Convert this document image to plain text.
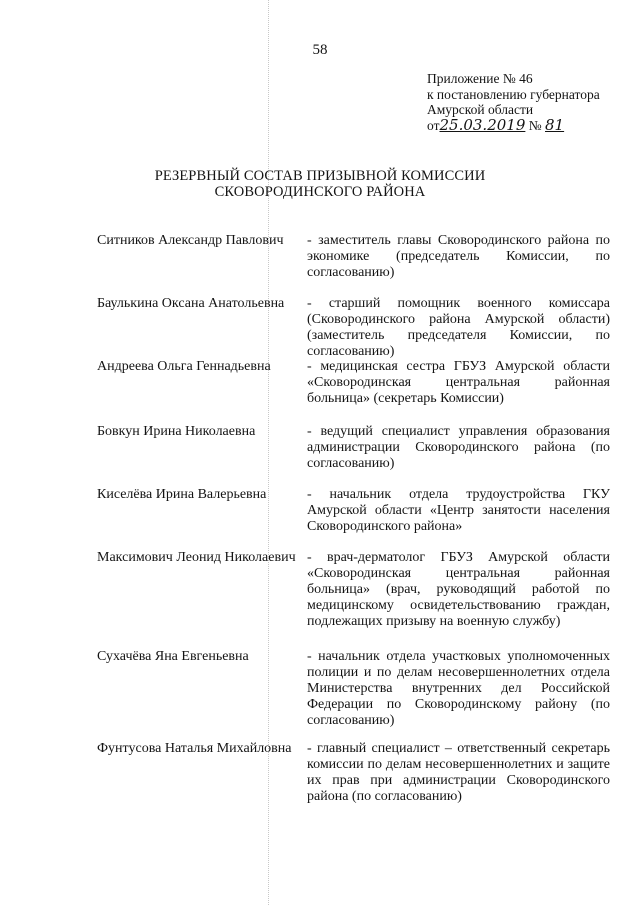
58
Приложение № 46
к постановлению губернатора
Амурской области
от25.03.2019 № 81
РЕЗЕРВНЫЙ СОСТАВ ПРИЗЫВНОЙ КОМИССИИ
СКОВОРОДИНСКОГО РАЙОНА
Ситников Александр Павлович	- заместитель главы Сковородинского района по экономике (председатель Комиссии, по согласованию)
Баулькина Оксана Анатольевна	- старший помощник военного комиссара (Сковородинского района Амурской области) (заместитель председателя Комиссии, по согласованию)
Андреева Ольга Геннадьевна	- медицинская сестра ГБУЗ Амурской области «Сковородинская центральная районная больница» (секретарь Комиссии)
Бовкун Ирина Николаевна	- ведущий специалист управления образования администрации Сковородинского района (по согласованию)
Киселёва Ирина Валерьевна	- начальник отдела трудоустройства ГКУ Амурской области «Центр занятости населения Сковородинского района»
Максимович Леонид Николаевич - врач-дерматолог ГБУЗ Амурской области «Сковородинская центральная районная больница» (врач, руководящий работой по медицинскому освидетельствованию граждан, подлежащих призыву на военную службу)
Сухачёва Яна Евгеньевна	- начальник отдела участковых уполномоченных полиции и по делам несовершеннолетних отдела Министерства внутренних дел Российской Федерации по Сковородинскому району (по согласованию)
Фунтусова Наталья Михайловна	- главный специалист – ответственный секретарь комиссии по делам несовершеннолетних и защите их прав при администрации Сковородинского района (по согласованию)
